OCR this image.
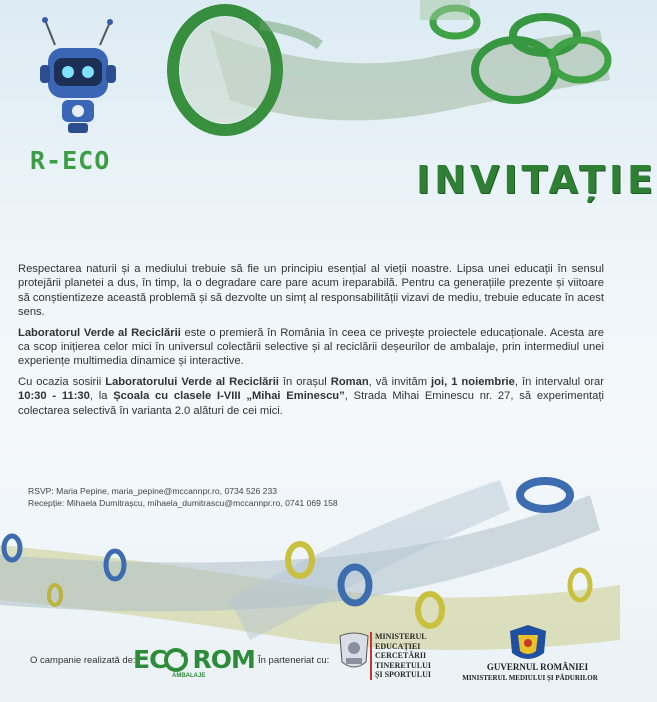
R-ECO	INVITAȚIE

Respectarea naturii și a mediului trebuie să fie un principiu esențial al vieții noastre. Lipsa unei educații în sensul protejării planetei a dus, în timp, la o degradare care pare acum ireparabilă. Pentru ca generațiile prezente și viitoare să conștientizeze această problemă și să dezvolte un simț al responsabilității vizavi de mediu, trebuie educate în acest sens.

Laboratorul Verde al Reciclării este o premieră în România în ceea ce privește proiectele educaționale. Acesta are ca scop inițierea celor mici în universul colectării selective și al reciclării deșeurilor de ambalaje, prin intermediul unei experiențe multimedia dinamice și interactive.

Cu ocazia sosirii Laboratorului Verde al Reciclării în orașul Roman, vă invităm joi, 1 noiembrie, în intervalul orar 10:30 - 11:30, la Școala cu clasele I-VIII „Mihai Eminescu”, Strada Mihai Eminescu nr. 27, să experimentați colectarea selectivă în varianta 2.0 alături de cei mici.

RSVP: Maria Pepine, maria_pepine@mccannpr.ro, 0734 526 233
Recepție: Mihaela Dumitrașcu, mihaela_dumitrascu@mccannpr.ro, 0741 069 158
O campanie realizată de:
EC ROM
AMBALAJE
În parteneriat cu:
MINISTERUL
EDUCAȚIEI
CERCETĂRII
TINERETULUI
ȘI SPORTULUI
GUVERNUL ROMÂNIEI
MINISTERUL MEDIULUI ȘI PĂDURILOR
